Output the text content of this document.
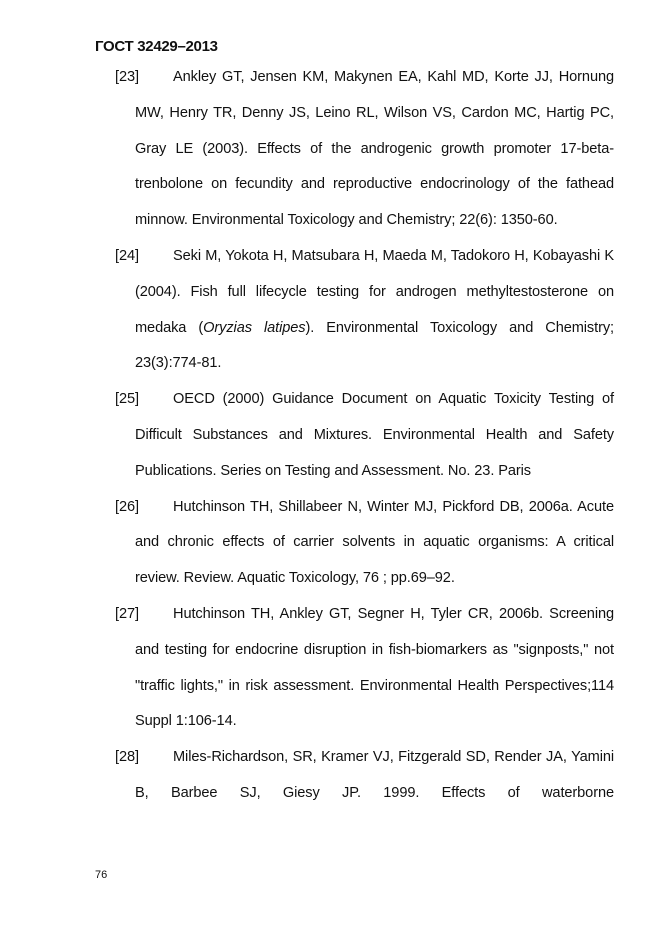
ГОСТ 32429–2013
[23]	Ankley GT, Jensen KM, Makynen EA, Kahl MD, Korte JJ, Hornung MW, Henry TR, Denny JS, Leino RL, Wilson VS, Cardon MC, Hartig PC, Gray LE (2003). Effects of the androgenic growth promoter 17-beta-trenbolone on fecundity and reproductive endocrinology of the fathead minnow. Environmental Toxicology and Chemistry; 22(6): 1350-60.
[24]	Seki M, Yokota H, Matsubara H, Maeda M, Tadokoro H, Kobayashi K (2004). Fish full lifecycle testing for androgen methyltestosterone on medaka (Oryzias latipes). Environmental Toxicology and Chemistry; 23(3):774-81.
[25]	OECD (2000) Guidance Document on Aquatic Toxicity Testing of Difficult Substances and Mixtures. Environmental Health and Safety Publications. Series on Testing and Assessment. No. 23. Paris
[26]	Hutchinson TH, Shillabeer N, Winter MJ, Pickford DB, 2006a. Acute and chronic effects of carrier solvents in aquatic organisms: A critical review. Review. Aquatic Toxicology, 76 ; pp.69–92.
[27]	Hutchinson TH, Ankley GT, Segner H, Tyler CR, 2006b. Screening and testing for endocrine disruption in fish-biomarkers as "signposts," not "traffic lights," in risk assessment. Environmental Health Perspectives;114 Suppl 1:106-14.
[28]	Miles-Richardson, SR, Kramer VJ, Fitzgerald SD, Render JA, Yamini B, Barbee SJ, Giesy JP. 1999. Effects of waterborne
76
